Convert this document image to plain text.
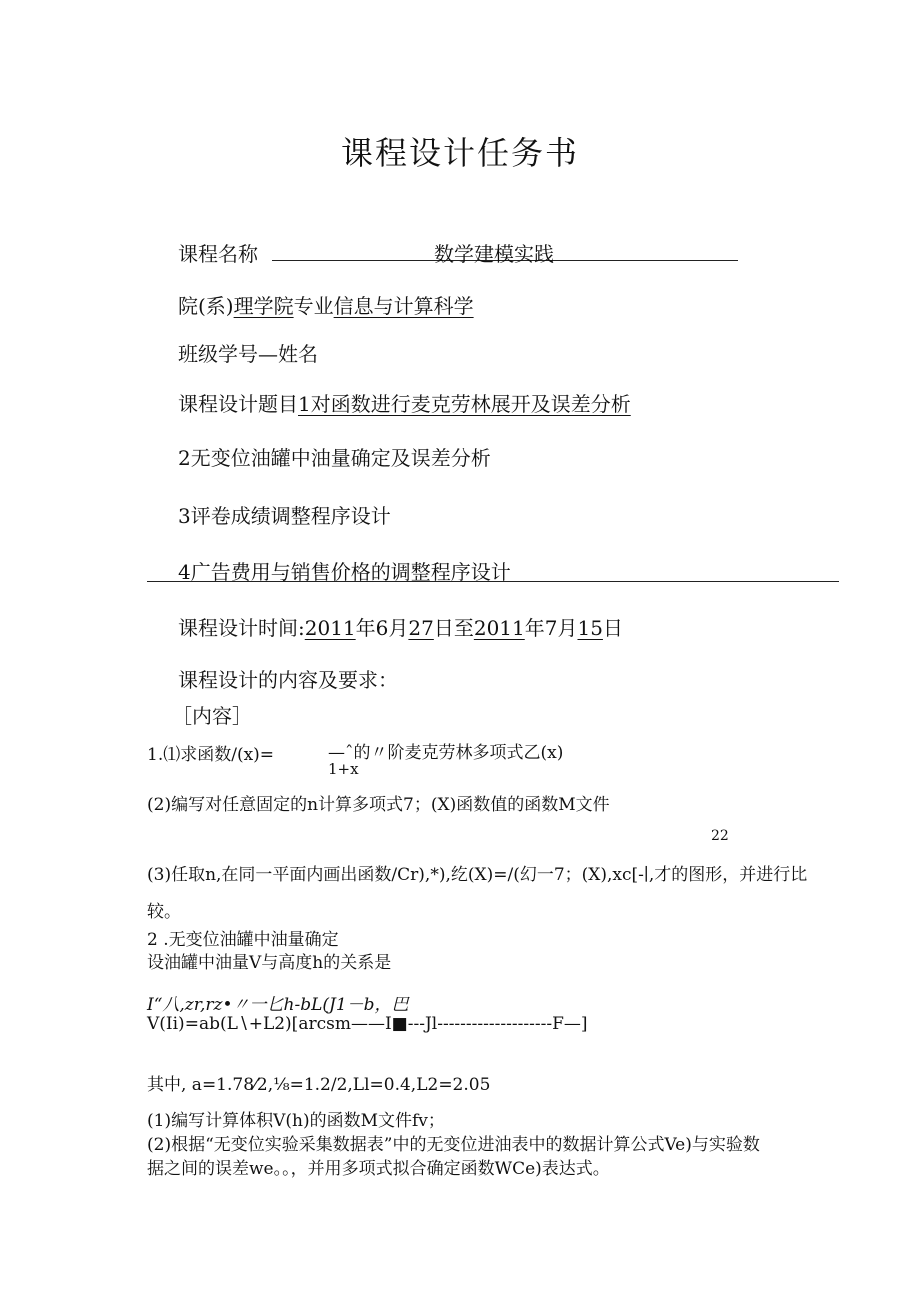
课程设计任务书
课程名称	数学建模实践
院(系)理学院专业信息与计算科学
班级学号—姓名
课程设计题目1对函数进行麦克劳林展开及误差分析
2无变位油罐中油量确定及误差分析
3评卷成绩调整程序设计
4广告费用与销售价格的调整程序设计
课程设计时间:2011年6月27日至2011年7月15日
课程设计的内容及要求：
［内容］
1.⑴求函数/(x)=	—ˆ的〃阶麦克劳林多项式乙(x)
1+x
(2)编写对任意固定的n计算多项式7；(X)函数值的函数M文件
22
(3)任取n,在同一平面内画出函数/Cr),*),纥(X)=/(幻一7；(X),xc[-∣,才的图形，并进行比
较。
2 .无变位油罐中油量确定
设油罐中油量V与高度h的关系是
I“八,zr,rz•〃一匕h-bL(J1－b，巴
V(Ii)=ab(L∖+L2)[arcsm——I■---Jl--------------------F—]
其中, a=1.78⁄2,⅛=1.2/2,Ll=0.4,L2=2.05
(1)编写计算体积V(h)的函数M文件fv；
(2)根据“无变位实验采集数据表”中的无变位进油表中的数据计算公式Ve)与实验数
据之间的误差we。。，并用多项式拟合确定函数WCe)表达式。
